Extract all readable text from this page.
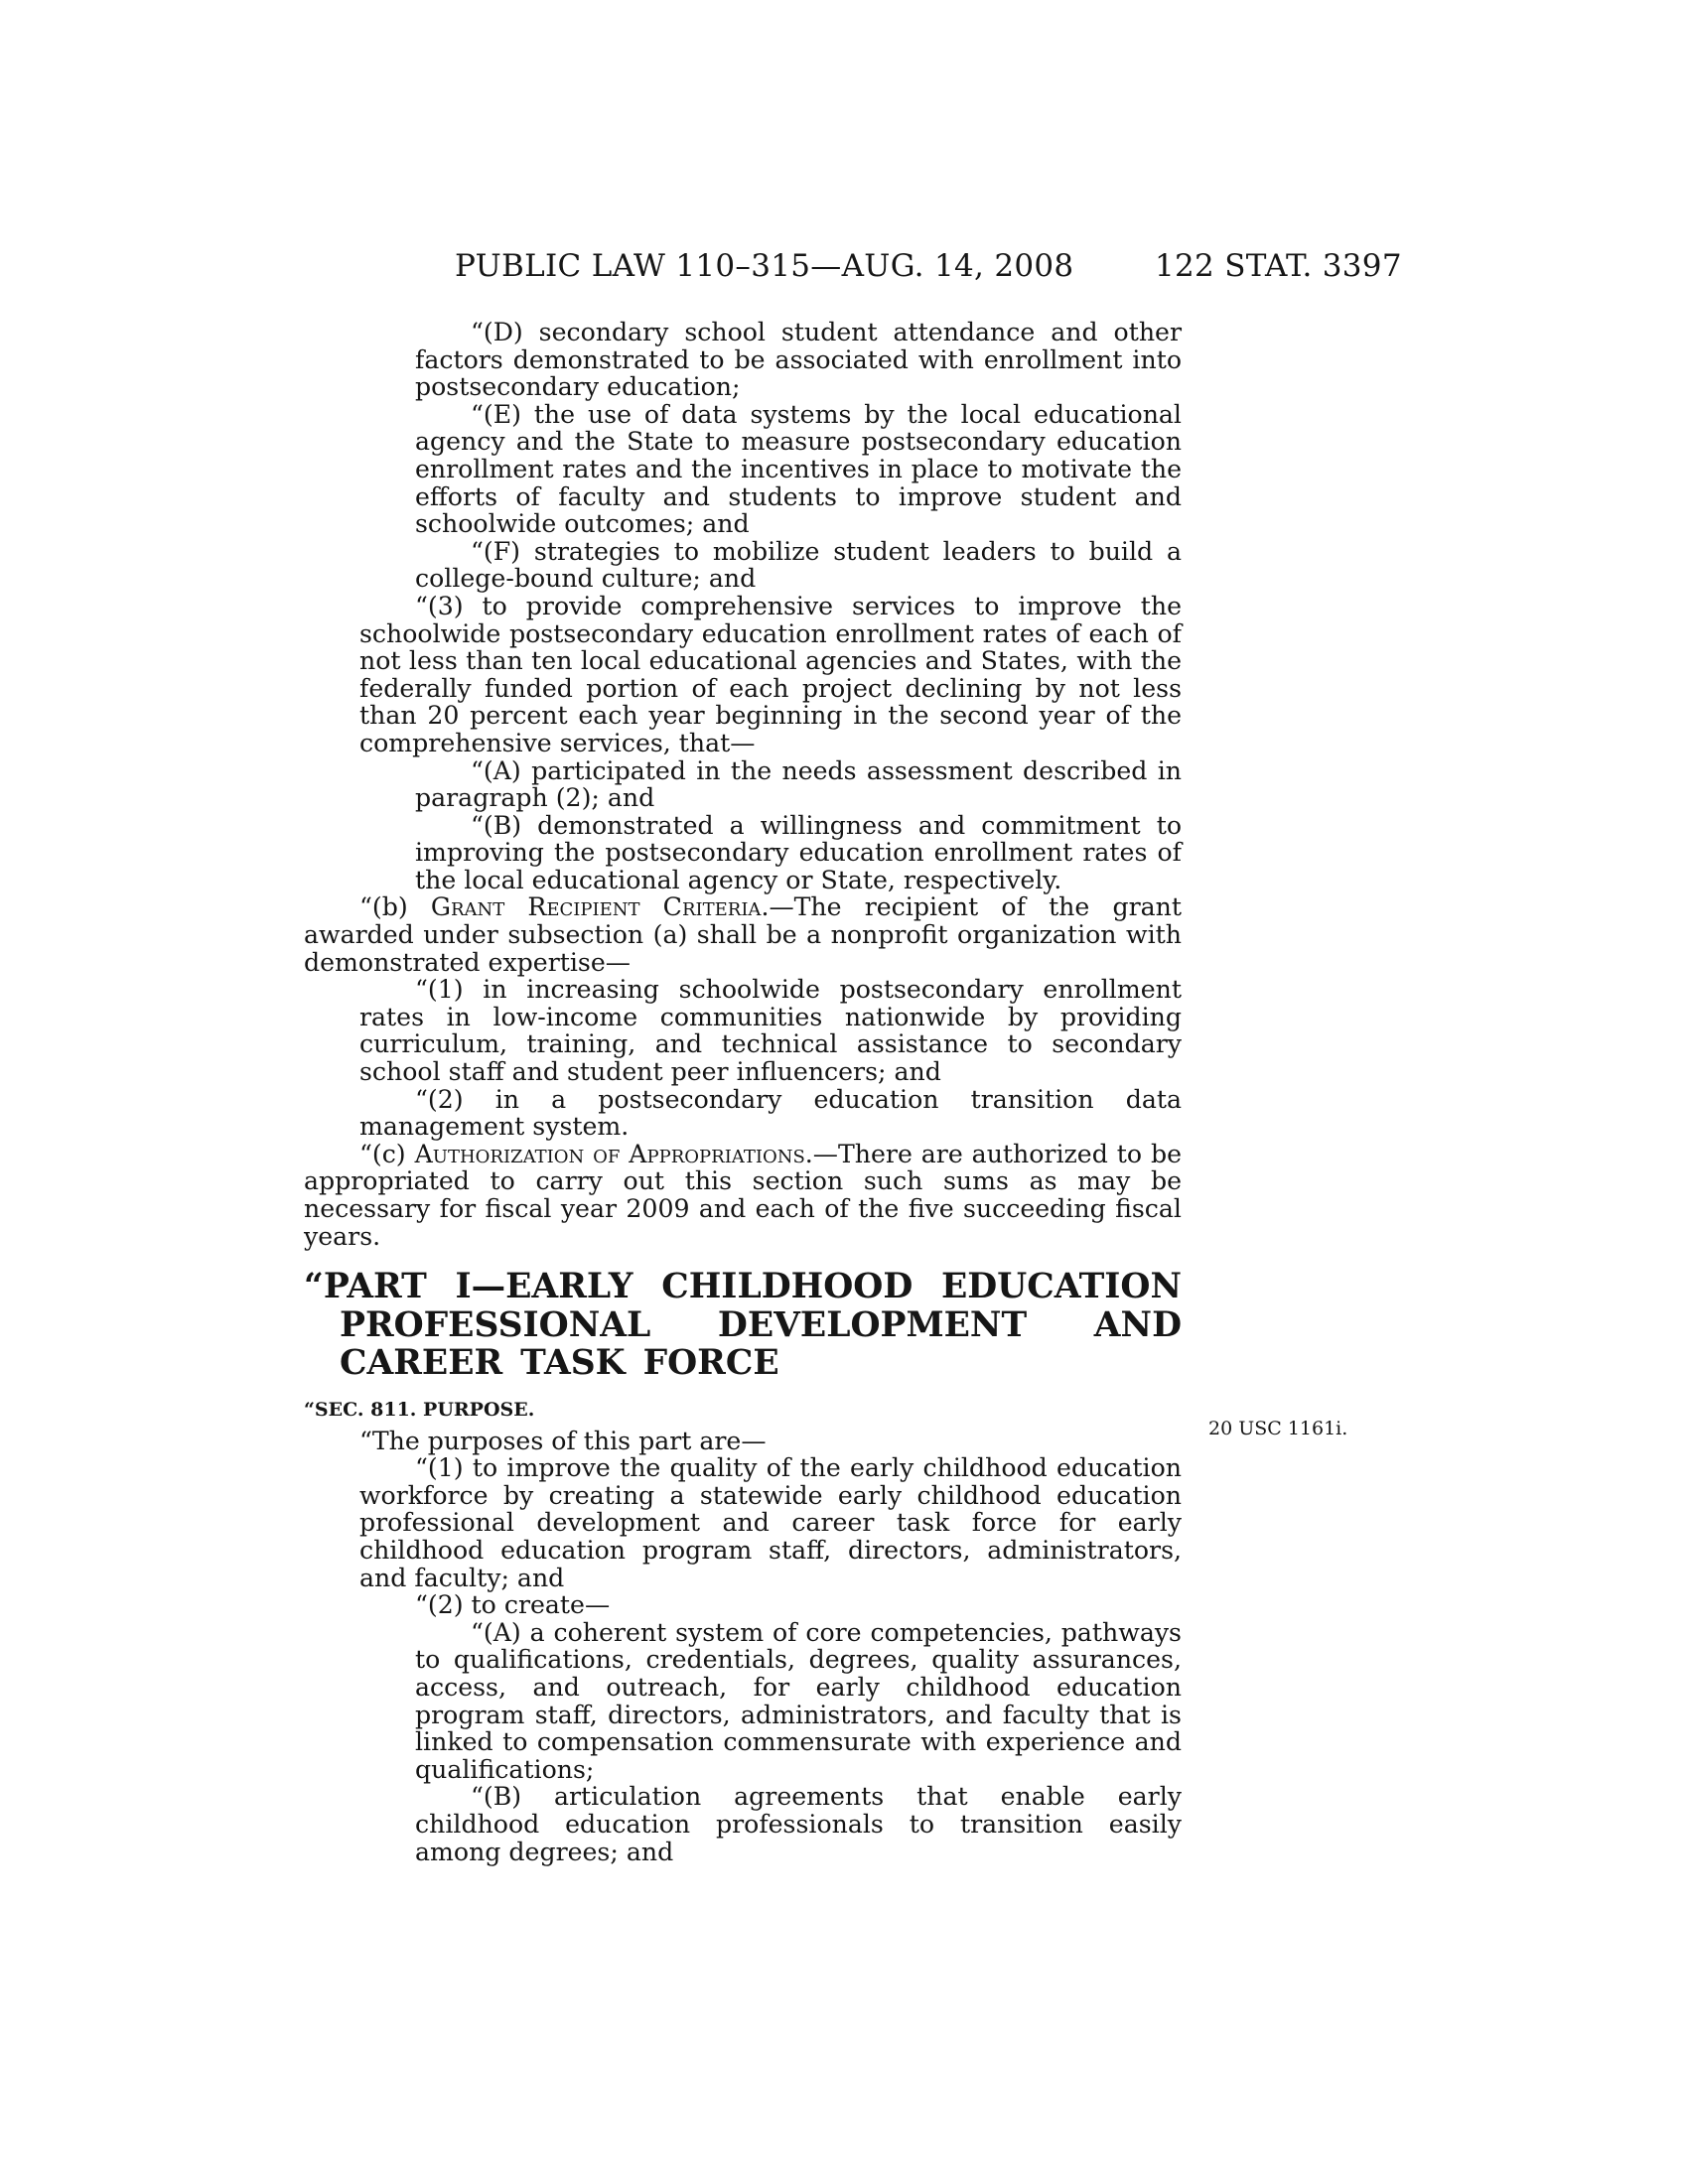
PUBLIC LAW 110–315—AUG. 14, 2008	122 STAT. 3397

“(D) secondary school student attendance and other factors demonstrated to be associated with enrollment into postsecondary education;

“(E) the use of data systems by the local educational agency and the State to measure postsecondary education enrollment rates and the incentives in place to motivate the efforts of faculty and students to improve student and schoolwide outcomes; and

“(F) strategies to mobilize student leaders to build a college-bound culture; and

“(3) to provide comprehensive services to improve the schoolwide postsecondary education enrollment rates of each of not less than ten local educational agencies and States, with the federally funded portion of each project declining by not less than 20 percent each year beginning in the second year of the comprehensive services, that—

“(A) participated in the needs assessment described in paragraph (2); and

“(B) demonstrated a willingness and commitment to improving the postsecondary education enrollment rates of the local educational agency or State, respectively.

“(b) Grant Recipient Criteria.—The recipient of the grant awarded under subsection (a) shall be a nonprofit organization with demonstrated expertise—

“(1) in increasing schoolwide postsecondary enrollment rates in low-income communities nationwide by providing curriculum, training, and technical assistance to secondary school staff and student peer influencers; and

“(2) in a postsecondary education transition data management system.

“(c) Authorization of Appropriations.—There are authorized to be appropriated to carry out this section such sums as may be necessary for fiscal year 2009 and each of the five succeeding fiscal years.

“PART I—EARLY CHILDHOOD EDUCATION PROFESSIONAL DEVELOPMENT AND CAREER TASK FORCE
“SEC. 811. PURPOSE.

“The purposes of this part are—

“(1) to improve the quality of the early childhood education workforce by creating a statewide early childhood education professional development and career task force for early childhood education program staff, directors, administrators, and faculty; and

“(2) to create—

“(A) a coherent system of core competencies, pathways to qualifications, credentials, degrees, quality assurances, access, and outreach, for early childhood education program staff, directors, administrators, and faculty that is linked to compensation commensurate with experience and qualifications;

“(B) articulation agreements that enable early childhood education professionals to transition easily among degrees; and

20 USC 1161i.
